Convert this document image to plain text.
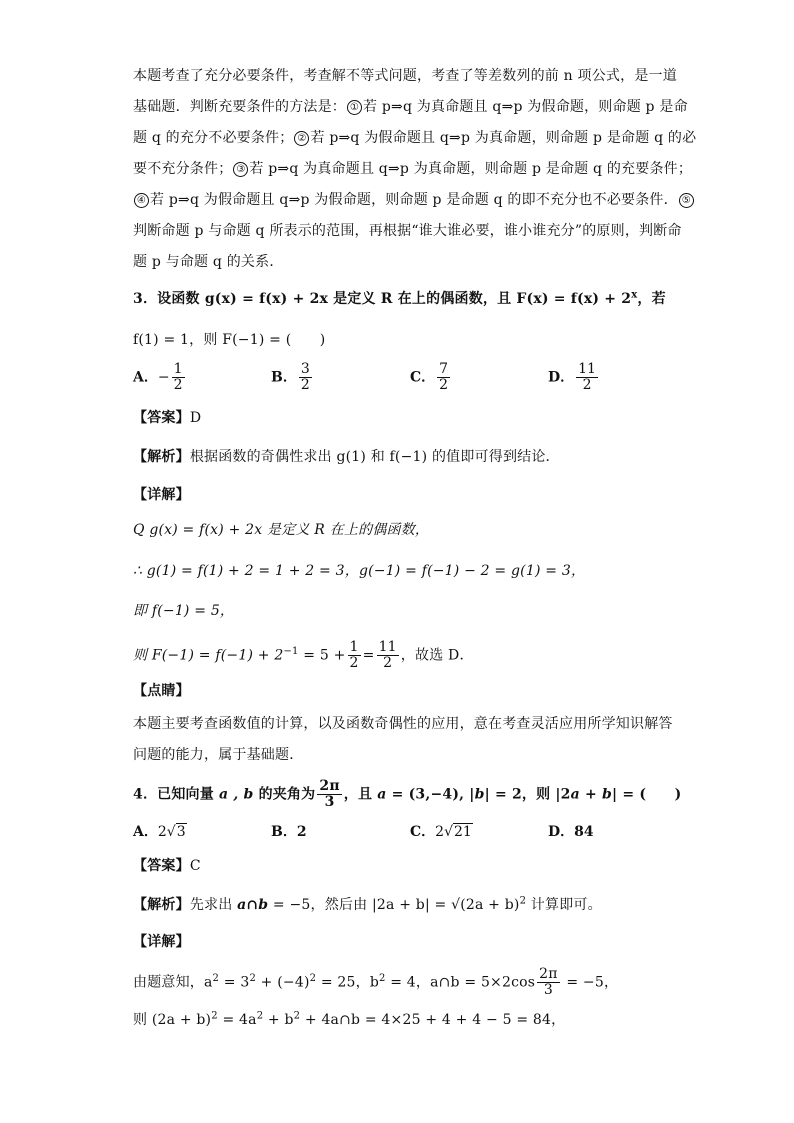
本题考查了充分必要条件，考查解不等式问题，考查了等差数列的前 n 项公式，是一道
基础题．判断充要条件的方法是： ① 若 p⇒q 为真命题且 q⇒p 为假命题，则命题 p 是命
题 q 的充分不必要条件； ② 若 p⇒q 为假命题且 q⇒p 为真命题，则命题 p 是命题 q 的必
要不充分条件； ③ 若 p⇒q 为真命题且 q⇒p 为真命题，则命题 p 是命题 q 的充要条件；
④ 若 p⇒q 为假命题且 q⇒p 为假命题，则命题 p 是命题 q 的即不充分也不必要条件． ⑤
判断命题 p 与命题 q 所表示的范围，再根据“谁大谁必要，谁小谁充分”的原则，判断命
题 p 与命题 q 的关系．
3．设函数 g(x) = f(x) + 2x 是定义 R 在上的偶函数，且 $F(x) = f(x) + 2^x$，若
f(1) = 1，则 F(−1) = (　　)
A．− $\frac{1}{2}$	B． $\frac{3}{2}$	C． $\frac{7}{2}$	D． $\frac{11}{2}$
【答案】D
【解析】根据函数的奇偶性求出 g(1) 和 f(−1) 的值即可得到结论．
【详解】
Q g(x) = f(x) + 2x 是定义 R 在上的偶函数，
∴ g(1) = f(1) + 2 = 1 + 2 = 3，g(−1) = f(−1) − 2 = g(1) = 3，
即 f(−1) = 5，
则 $F(-1) = f(-1) + 2^{-1} = 5 + \frac{1}{2} = \frac{11}{2}$ ，故选 D．
【点睛】
本题主要考查函数值的计算，以及函数奇偶性的应用，意在考查灵活应用所学知识解答
问题的能力，属于基础题．
4．已知向量 a , b 的夹角为 $\frac{2\pi}{3}$ ，且 a = (3,−4), |b| = 2，则 |2a + b| = (　　)
A．2√3	B．2	C．2√21	D．84
【答案】C
【解析】先求出 a∩b = −5，然后由 $|2a + b| = √(2a + b)^2$ 计算即可。
【详解】
由题意知，$a^2 = 3^2 + (-4)^2 = 25$，$b^2 = 4$，a∩b = $5\times 2\cos \frac{2\pi}{3} = -5$，
则 $(2a + b)^2 = 4a^2 + b^2$ + 4a∩b = 4×25 + 4 + 4 − 5 = 84，
